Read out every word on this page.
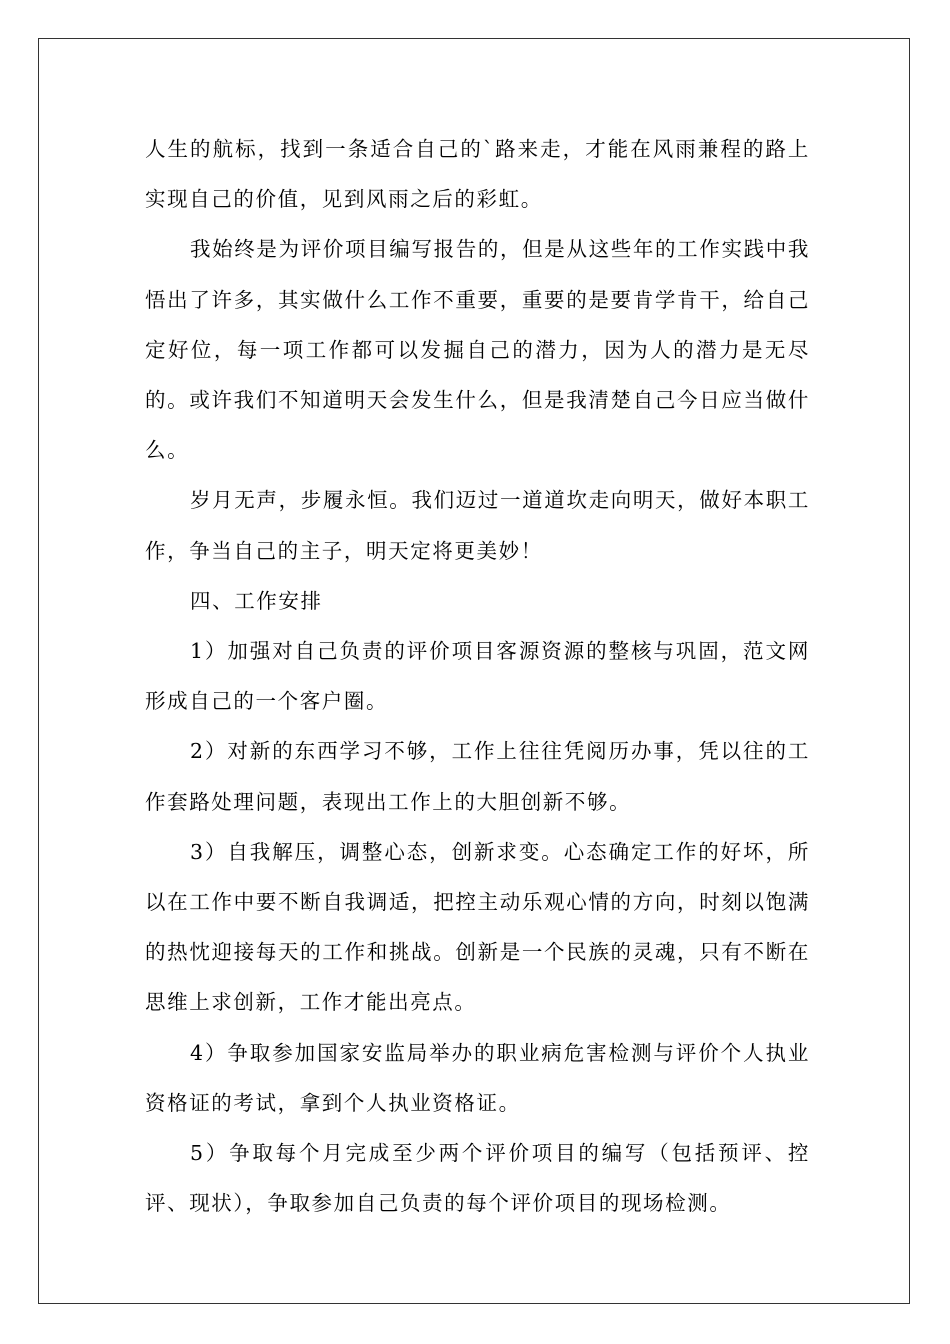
人生的航标，找到一条适合自己的`路来走，才能在风雨兼程的路上实现自己的价值，见到风雨之后的彩虹。

我始终是为评价项目编写报告的，但是从这些年的工作实践中我悟出了许多，其实做什么工作不重要，重要的是要肯学肯干，给自己定好位，每一项工作都可以发掘自己的潜力，因为人的潜力是无尽的。或许我们不知道明天会发生什么，但是我清楚自己今日应当做什么。

岁月无声，步履永恒。我们迈过一道道坎走向明天，做好本职工作，争当自己的主子，明天定将更美妙！

四、工作安排

1）加强对自己负责的评价项目客源资源的整核与巩固，范文网形成自己的一个客户圈。

2）对新的东西学习不够，工作上往往凭阅历办事，凭以往的工作套路处理问题，表现出工作上的大胆创新不够。

3）自我解压，调整心态，创新求变。心态确定工作的好坏，所以在工作中要不断自我调适，把控主动乐观心情的方向，时刻以饱满的热忱迎接每天的工作和挑战。创新是一个民族的灵魂，只有不断在思维上求创新，工作才能出亮点。

4）争取参加国家安监局举办的职业病危害检测与评价个人执业资格证的考试，拿到个人执业资格证。

5）争取每个月完成至少两个评价项目的编写（包括预评、控评、现状），争取参加自己负责的每个评价项目的现场检测。
